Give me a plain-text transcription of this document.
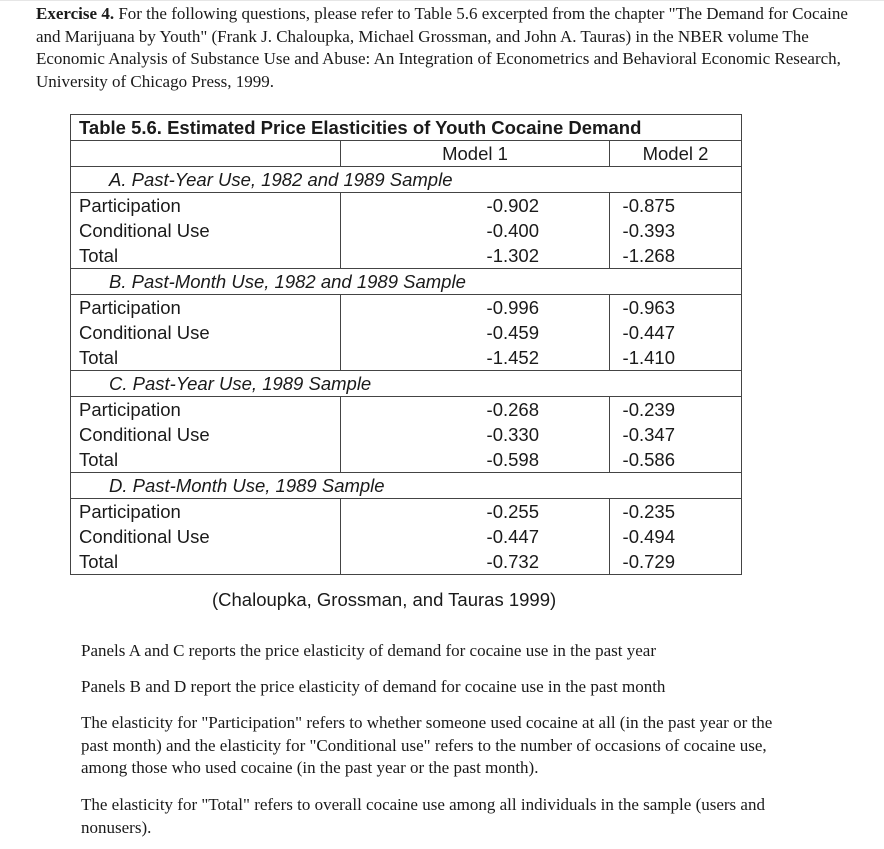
Exercise 4. For the following questions, please refer to Table 5.6 excerpted from the chapter "The Demand for Cocaine and Marijuana by Youth" (Frank J. Chaloupka, Michael Grossman, and John A. Tauras) in the NBER volume The Economic Analysis of Substance Use and Abuse: An Integration of Econometrics and Behavioral Economic Research, University of Chicago Press, 1999.
Table 5.6. Estimated Price Elasticities of Youth Cocaine Demand		
	Model 1	Model 2
A. Past-Year Use, 1982 and 1989 Sample		
Participation	-0.902	-0.875
Conditional Use	-0.400	-0.393
Total	-1.302	-1.268
B. Past-Month Use, 1982 and 1989 Sample		
Participation	-0.996	-0.963
Conditional Use	-0.459	-0.447
Total	-1.452	-1.410
C. Past-Year Use, 1989 Sample		
Participation	-0.268	-0.239
Conditional Use	-0.330	-0.347
Total	-0.598	-0.586
D. Past-Month Use, 1989 Sample		
Participation	-0.255	-0.235
Conditional Use	-0.447	-0.494
Total	-0.732	-0.729
(Chaloupka, Grossman, and Tauras 1999)
Panels A and C reports the price elasticity of demand for cocaine use in the past year
Panels B and D report the price elasticity of demand for cocaine use in the past month
The elasticity for "Participation" refers to whether someone used cocaine at all (in the past year or the past month) and the elasticity for "Conditional use" refers to the number of occasions of cocaine use, among those who used cocaine (in the past year or the past month).
The elasticity for "Total" refers to overall cocaine use among all individuals in the sample (users and nonusers).
